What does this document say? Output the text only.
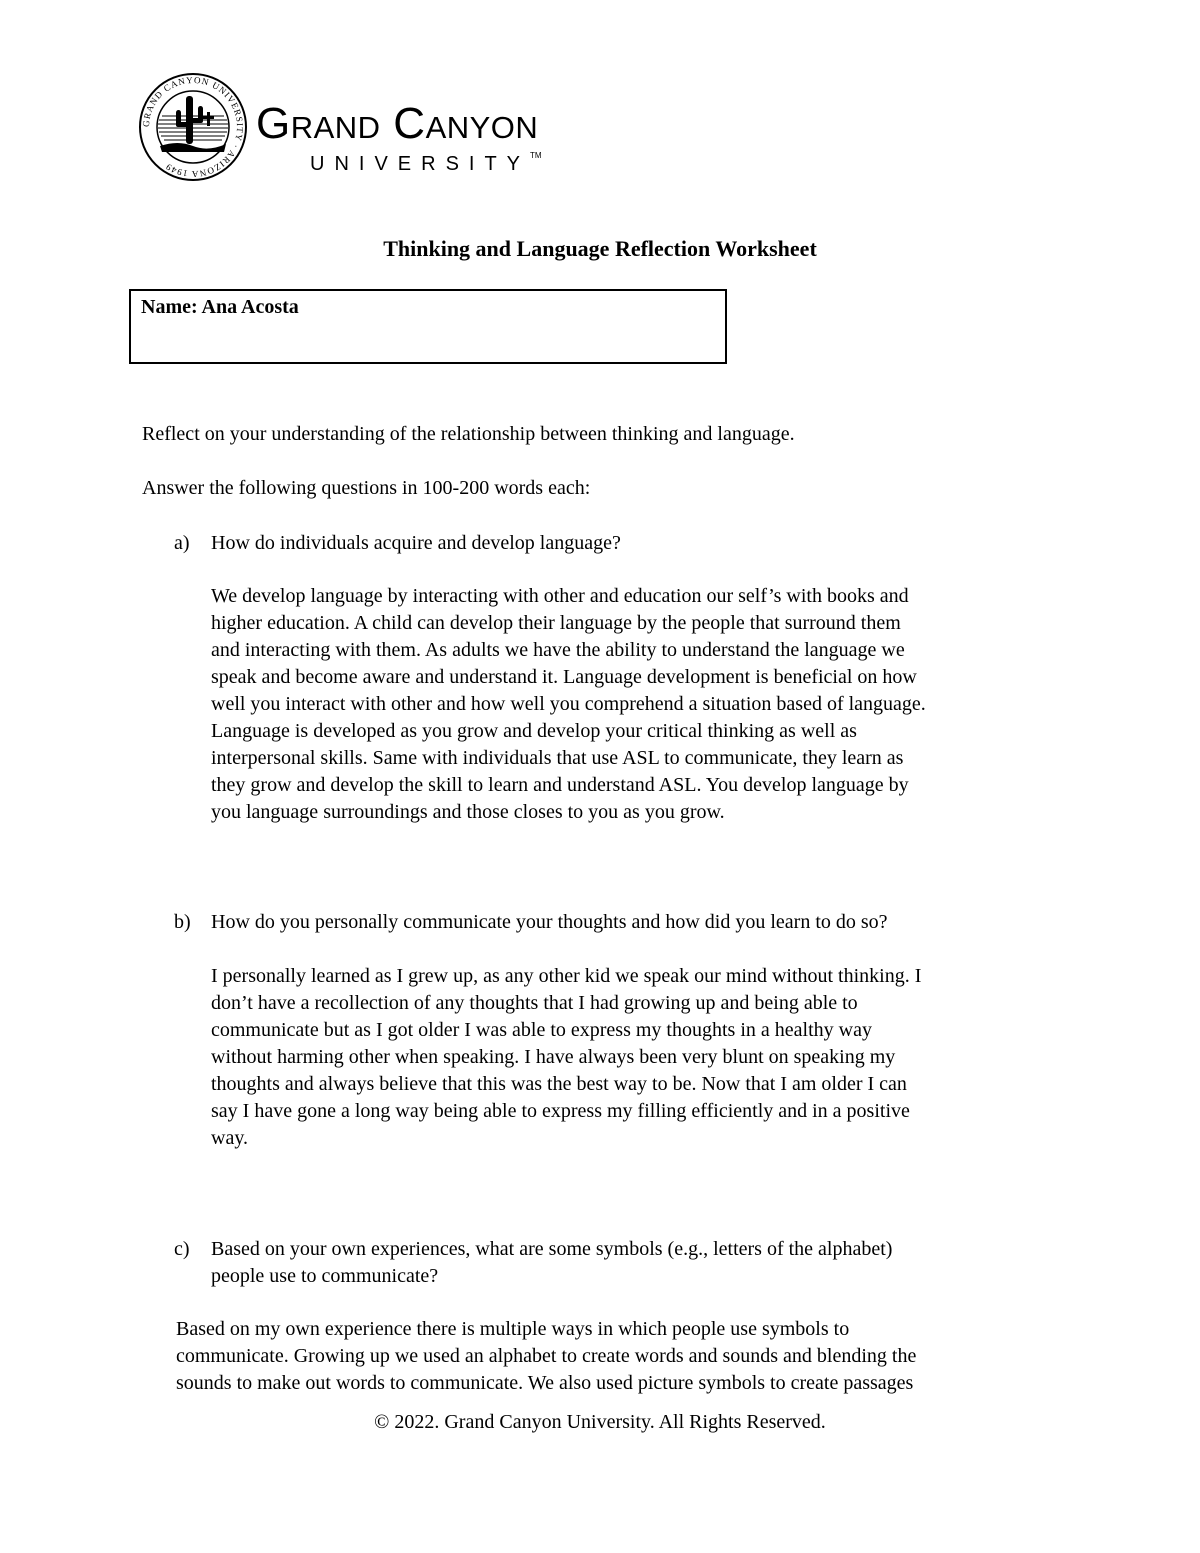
GRAND CANYON UNIVERSITY · ARIZONA 1949
Grand Canyon
UNIVERSITY™
Thinking and Language Reflection Worksheet
Name: Ana Acosta
Reflect on your understanding of the relationship between thinking and language.
Answer the following questions in 100-200 words each:
a) How do individuals acquire and develop language?
We develop language by interacting with other and education our self’s with books and
higher education. A child can develop their language by the people that surround them
and interacting with them. As adults we have the ability to understand the language we
speak and become aware and understand it. Language development is beneficial on how
well you interact with other and how well you comprehend a situation based of language.
Language is developed as you grow and develop your critical thinking as well as
interpersonal skills. Same with individuals that use ASL to communicate, they learn as
they grow and develop the skill to learn and understand ASL. You develop language by
you language surroundings and those closes to you as you grow.
b) How do you personally communicate your thoughts and how did you learn to do so?
I personally learned as I grew up, as any other kid we speak our mind without thinking. I
don’t have a recollection of any thoughts that I had growing up and being able to
communicate but as I got older I was able to express my thoughts in a healthy way
without harming other when speaking. I have always been very blunt on speaking my
thoughts and always believe that this was the best way to be. Now that I am older I can
say I have gone a long way being able to express my filling efficiently and in a positive
way.
c) Based on your own experiences, what are some symbols (e.g., letters of the alphabet)
people use to communicate?
Based on my own experience there is multiple ways in which people use symbols to
communicate. Growing up we used an alphabet to create words and sounds and blending the
sounds to make out words to communicate. We also used picture symbols to create passages
© 2022. Grand Canyon University. All Rights Reserved.
